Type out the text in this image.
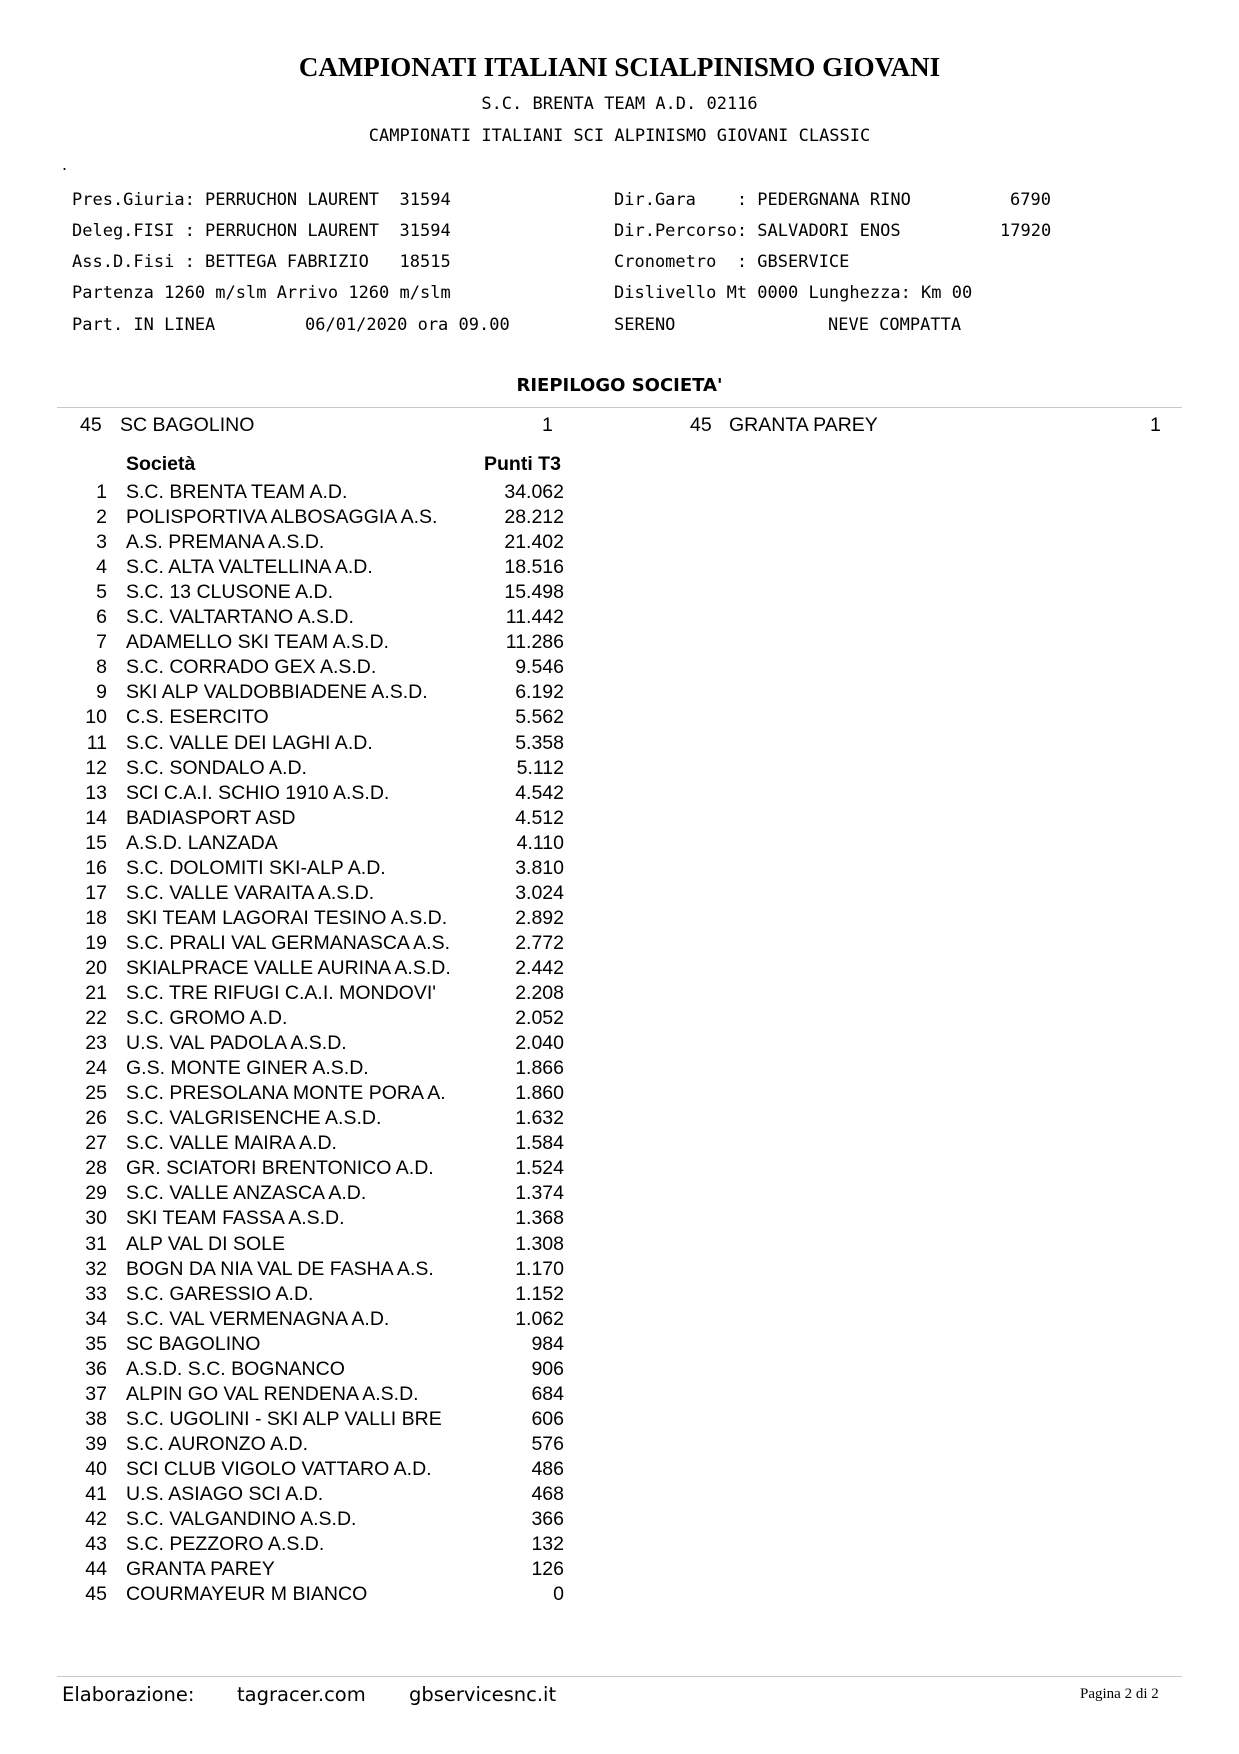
CAMPIONATI ITALIANI SCIALPINISMO GIOVANI
S.C. BRENTA TEAM A.D. 02116
CAMPIONATI ITALIANI SCI ALPINISMO GIOVANI CLASSIC
.
Pres.Giuria: PERRUCHON LAURENT  31594
Deleg.FISI : PERRUCHON LAURENT  31594
Ass.D.Fisi : BETTEGA FABRIZIO   18515
Partenza 1260 m/slm Arrivo 1260 m/slm
Part. IN LINEA	06/01/2020 ora 09.00
Dir.Gara    : PEDERGNANA RINO	6790
Dir.Percorso: SALVADORI ENOS	17920
Cronometro  : GBSERVICE
Dislivello Mt 0000 Lunghezza: Km 00
SERENO	NEVE COMPATTA
RIEPILOGO SOCIETA'
45 SC BAGOLINO	1	45 GRANTA PAREY	1
Società	Punti T3
1 S.C. BRENTA TEAM A.D.	34.062
2 POLISPORTIVA ALBOSAGGIA A.S.	28.212
3 A.S. PREMANA A.S.D.	21.402
4 S.C. ALTA VALTELLINA A.D.	18.516
5 S.C. 13 CLUSONE A.D.	15.498
6 S.C. VALTARTANO A.S.D.	11.442
7 ADAMELLO SKI TEAM A.S.D.	11.286
8 S.C. CORRADO GEX A.S.D.	9.546
9 SKI ALP VALDOBBIADENE A.S.D.	6.192
10 C.S. ESERCITO	5.562
11 S.C. VALLE DEI LAGHI A.D.	5.358
12 S.C. SONDALO A.D.	5.112
13 SCI C.A.I. SCHIO 1910 A.S.D.	4.542
14 BADIASPORT ASD	4.512
15 A.S.D. LANZADA	4.110
16 S.C. DOLOMITI SKI-ALP A.D.	3.810
17 S.C. VALLE VARAITA A.S.D.	3.024
18 SKI TEAM LAGORAI TESINO A.S.D.	2.892
19 S.C. PRALI VAL GERMANASCA A.S.	2.772
20 SKIALPRACE VALLE AURINA A.S.D.	2.442
21 S.C. TRE RIFUGI C.A.I. MONDOVI'	2.208
22 S.C. GROMO A.D.	2.052
23 U.S. VAL PADOLA A.S.D.	2.040
24 G.S. MONTE GINER A.S.D.	1.866
25 S.C. PRESOLANA MONTE PORA A.	1.860
26 S.C. VALGRISENCHE A.S.D.	1.632
27 S.C. VALLE MAIRA A.D.	1.584
28 GR. SCIATORI BRENTONICO A.D.	1.524
29 S.C. VALLE ANZASCA A.D.	1.374
30 SKI TEAM FASSA A.S.D.	1.368
31 ALP VAL DI SOLE	1.308
32 BOGN DA NIA VAL DE FASHA A.S.	1.170
33 S.C. GARESSIO A.D.	1.152
34 S.C. VAL VERMENAGNA A.D.	1.062
35 SC BAGOLINO	984
36 A.S.D. S.C. BOGNANCO	906
37 ALPIN GO VAL RENDENA A.S.D.	684
38 S.C. UGOLINI - SKI ALP VALLI BRE	606
39 S.C. AURONZO A.D.	576
40 SCI CLUB VIGOLO VATTARO A.D.	486
41 U.S. ASIAGO SCI A.D.	468
42 S.C. VALGANDINO A.S.D.	366
43 S.C. PEZZORO A.S.D.	132
44 GRANTA PAREY	126
45 COURMAYEUR M BIANCO	0
Elaborazione: tagracer.com gbservicesnc.it	Pagina 2 di 2
